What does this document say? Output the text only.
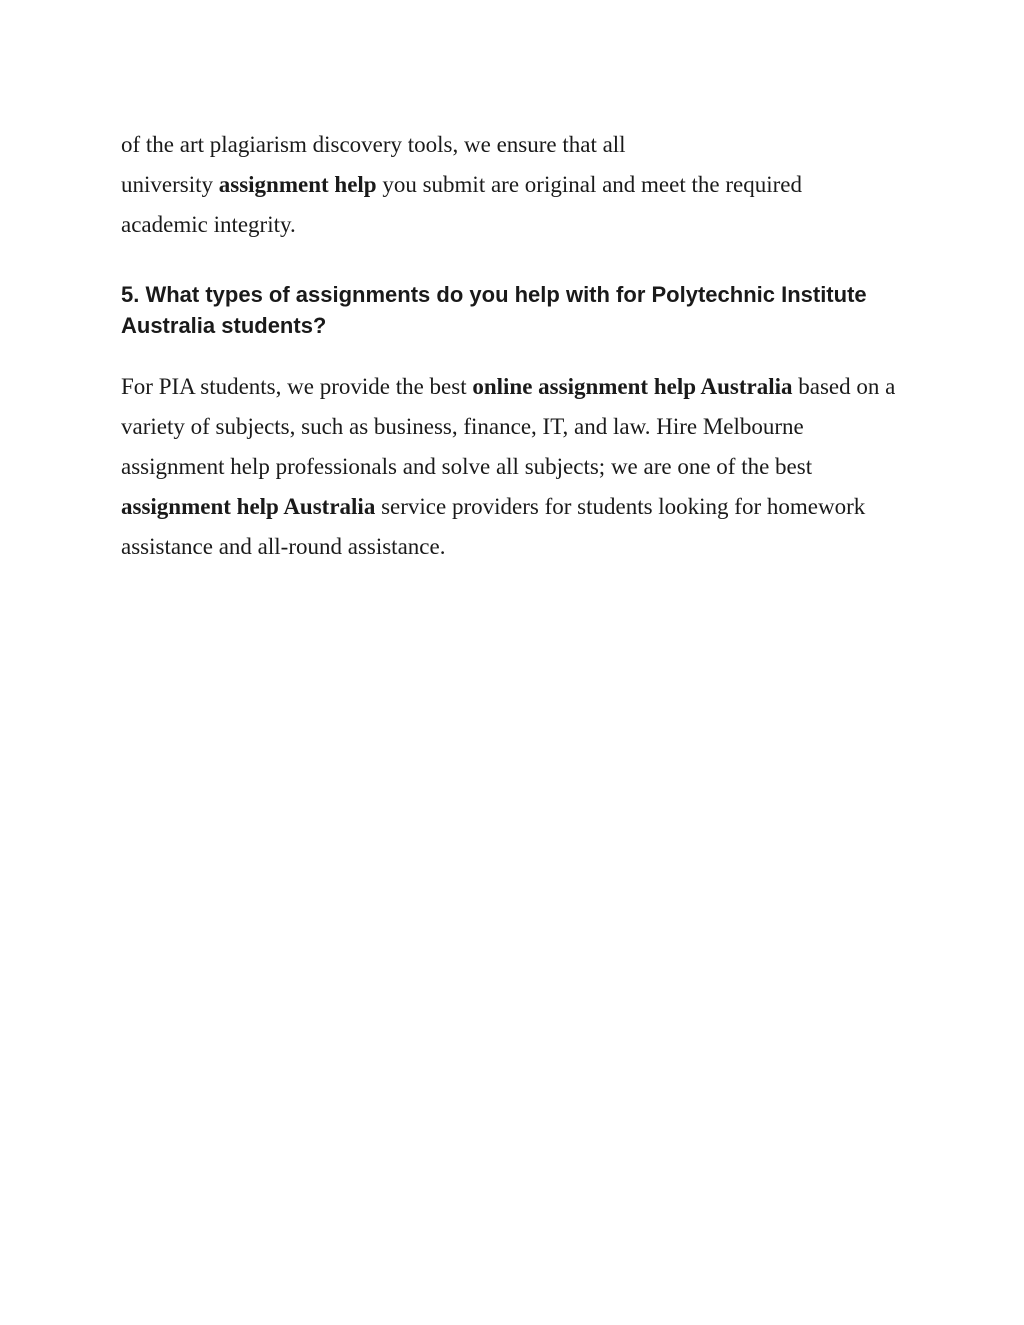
of the art plagiarism discovery tools, we ensure that all
university assignment help you submit are original and meet the required academic integrity.

5. What types of assignments do you help with for Polytechnic Institute Australia students?

For PIA students, we provide the best online assignment help Australia based on a variety of subjects, such as business, finance, IT, and law. Hire Melbourne assignment help professionals and solve all subjects; we are one of the best assignment help Australia service providers for students looking for homework assistance and all-round assistance.
